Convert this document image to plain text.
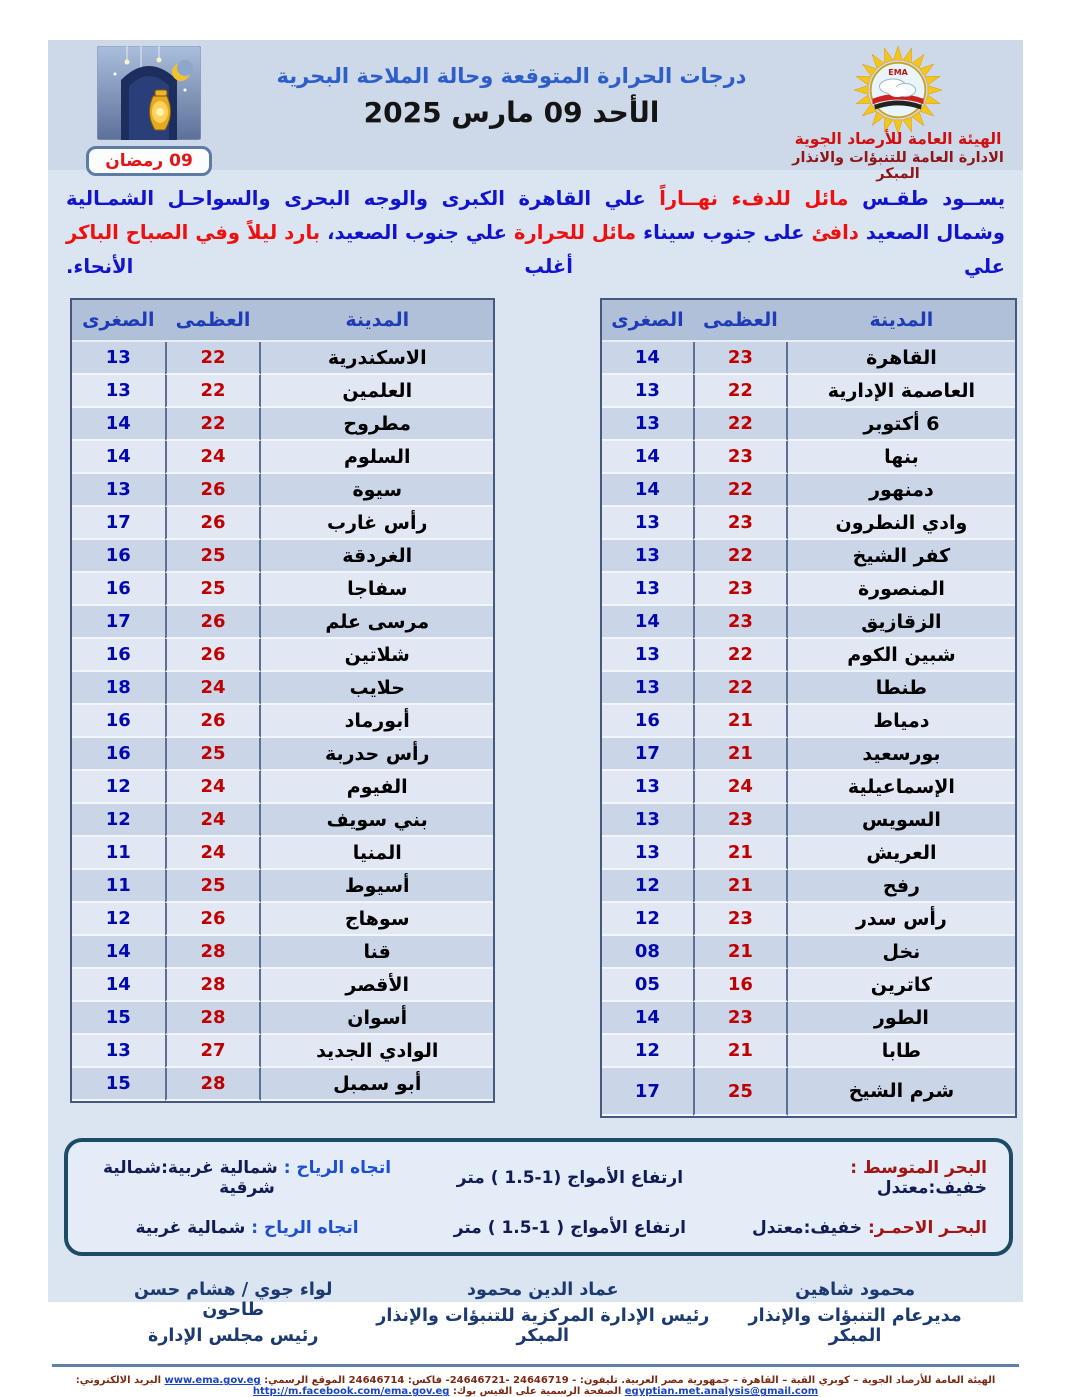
EMA
الهيئة العامة للأرصاد الجوية
الادارة العامة للتنبؤات والانذار المبكر
درجات الحرارة المتوقعة وحالة الملاحة البحرية
الأحد 09 مارس 2025
09 رمضان
يســود طقـس مائل للدفء نهــاراً علي القاهرة الكبرى والوجه البحرى والسواحـل الشمـالية وشمال الصعيد دافئ على جنوب سيناء مائل للحرارة علي جنوب الصعيد، بارد ليلاً وفي الصباح الباكر علي أغلب الأنحاء.
المدينة	العظمى	الصغرى
القاهرة	23	14
العاصمة الإدارية	22	13
6 أكتوبر	22	13
بنها	23	14
دمنهور	22	14
وادي النطرون	23	13
كفر الشيخ	22	13
المنصورة	23	13
الزقازيق	23	14
شبين الكوم	22	13
طنطا	22	13
دمياط	21	16
بورسعيد	21	17
الإسماعيلية	24	13
السويس	23	13
العريش	21	13
رفح	21	12
رأس سدر	23	12
نخل	21	08
كاترين	16	05
الطور	23	14
طابا	21	12
شرم الشيخ	25	17
المدينة	العظمى	الصغرى
الاسكندرية	22	13
العلمين	22	13
مطروح	22	14
السلوم	24	14
سيوة	26	13
رأس غارب	26	17
الغردقة	25	16
سفاجا	25	16
مرسى علم	26	17
شلاتين	26	16
حلايب	24	18
أبورماد	26	16
رأس حدربة	25	16
الفيوم	24	12
بني سويف	24	12
المنيا	24	11
أسيوط	25	11
سوهاج	26	12
قنا	28	14
الأقصر	28	14
أسوان	28	15
الوادي الجديد	27	13
أبو سمبل	28	15
البحر المتوسط : خفيف:معتدل
ارتفاع الأمواج (1-1.5 ) متر
اتجاه الرياح : شمالية غربية:شمالية شرقية
البحـر الاحمـر: خفيف:معتدل
ارتفاع الأمواج ( 1-1.5 ) متر
اتجاه الرياح : شمالية غربية
محمود شاهين
مديرعام التنبؤات والإنذار المبكر
عماد الدين محمود
رئيس الإدارة المركزية للتنبؤات والإنذار المبكر
لواء جوي / هشام حسن طاحون
رئيس مجلس الإدارة
الهيئة العامة للأرصاد الجوية – كوبري القبة – القاهرة – جمهورية مصر العربية. تليفون: - 24646719 -24646721- فاكس: 24646714 الموقع الرسمي: www.ema.gov.eg البريد الالكتروني: egyptian.met.analysis@gmail.com الصفحة الرسمية على الفيس بوك: http://m.facebook.com/ema.gov.eg
